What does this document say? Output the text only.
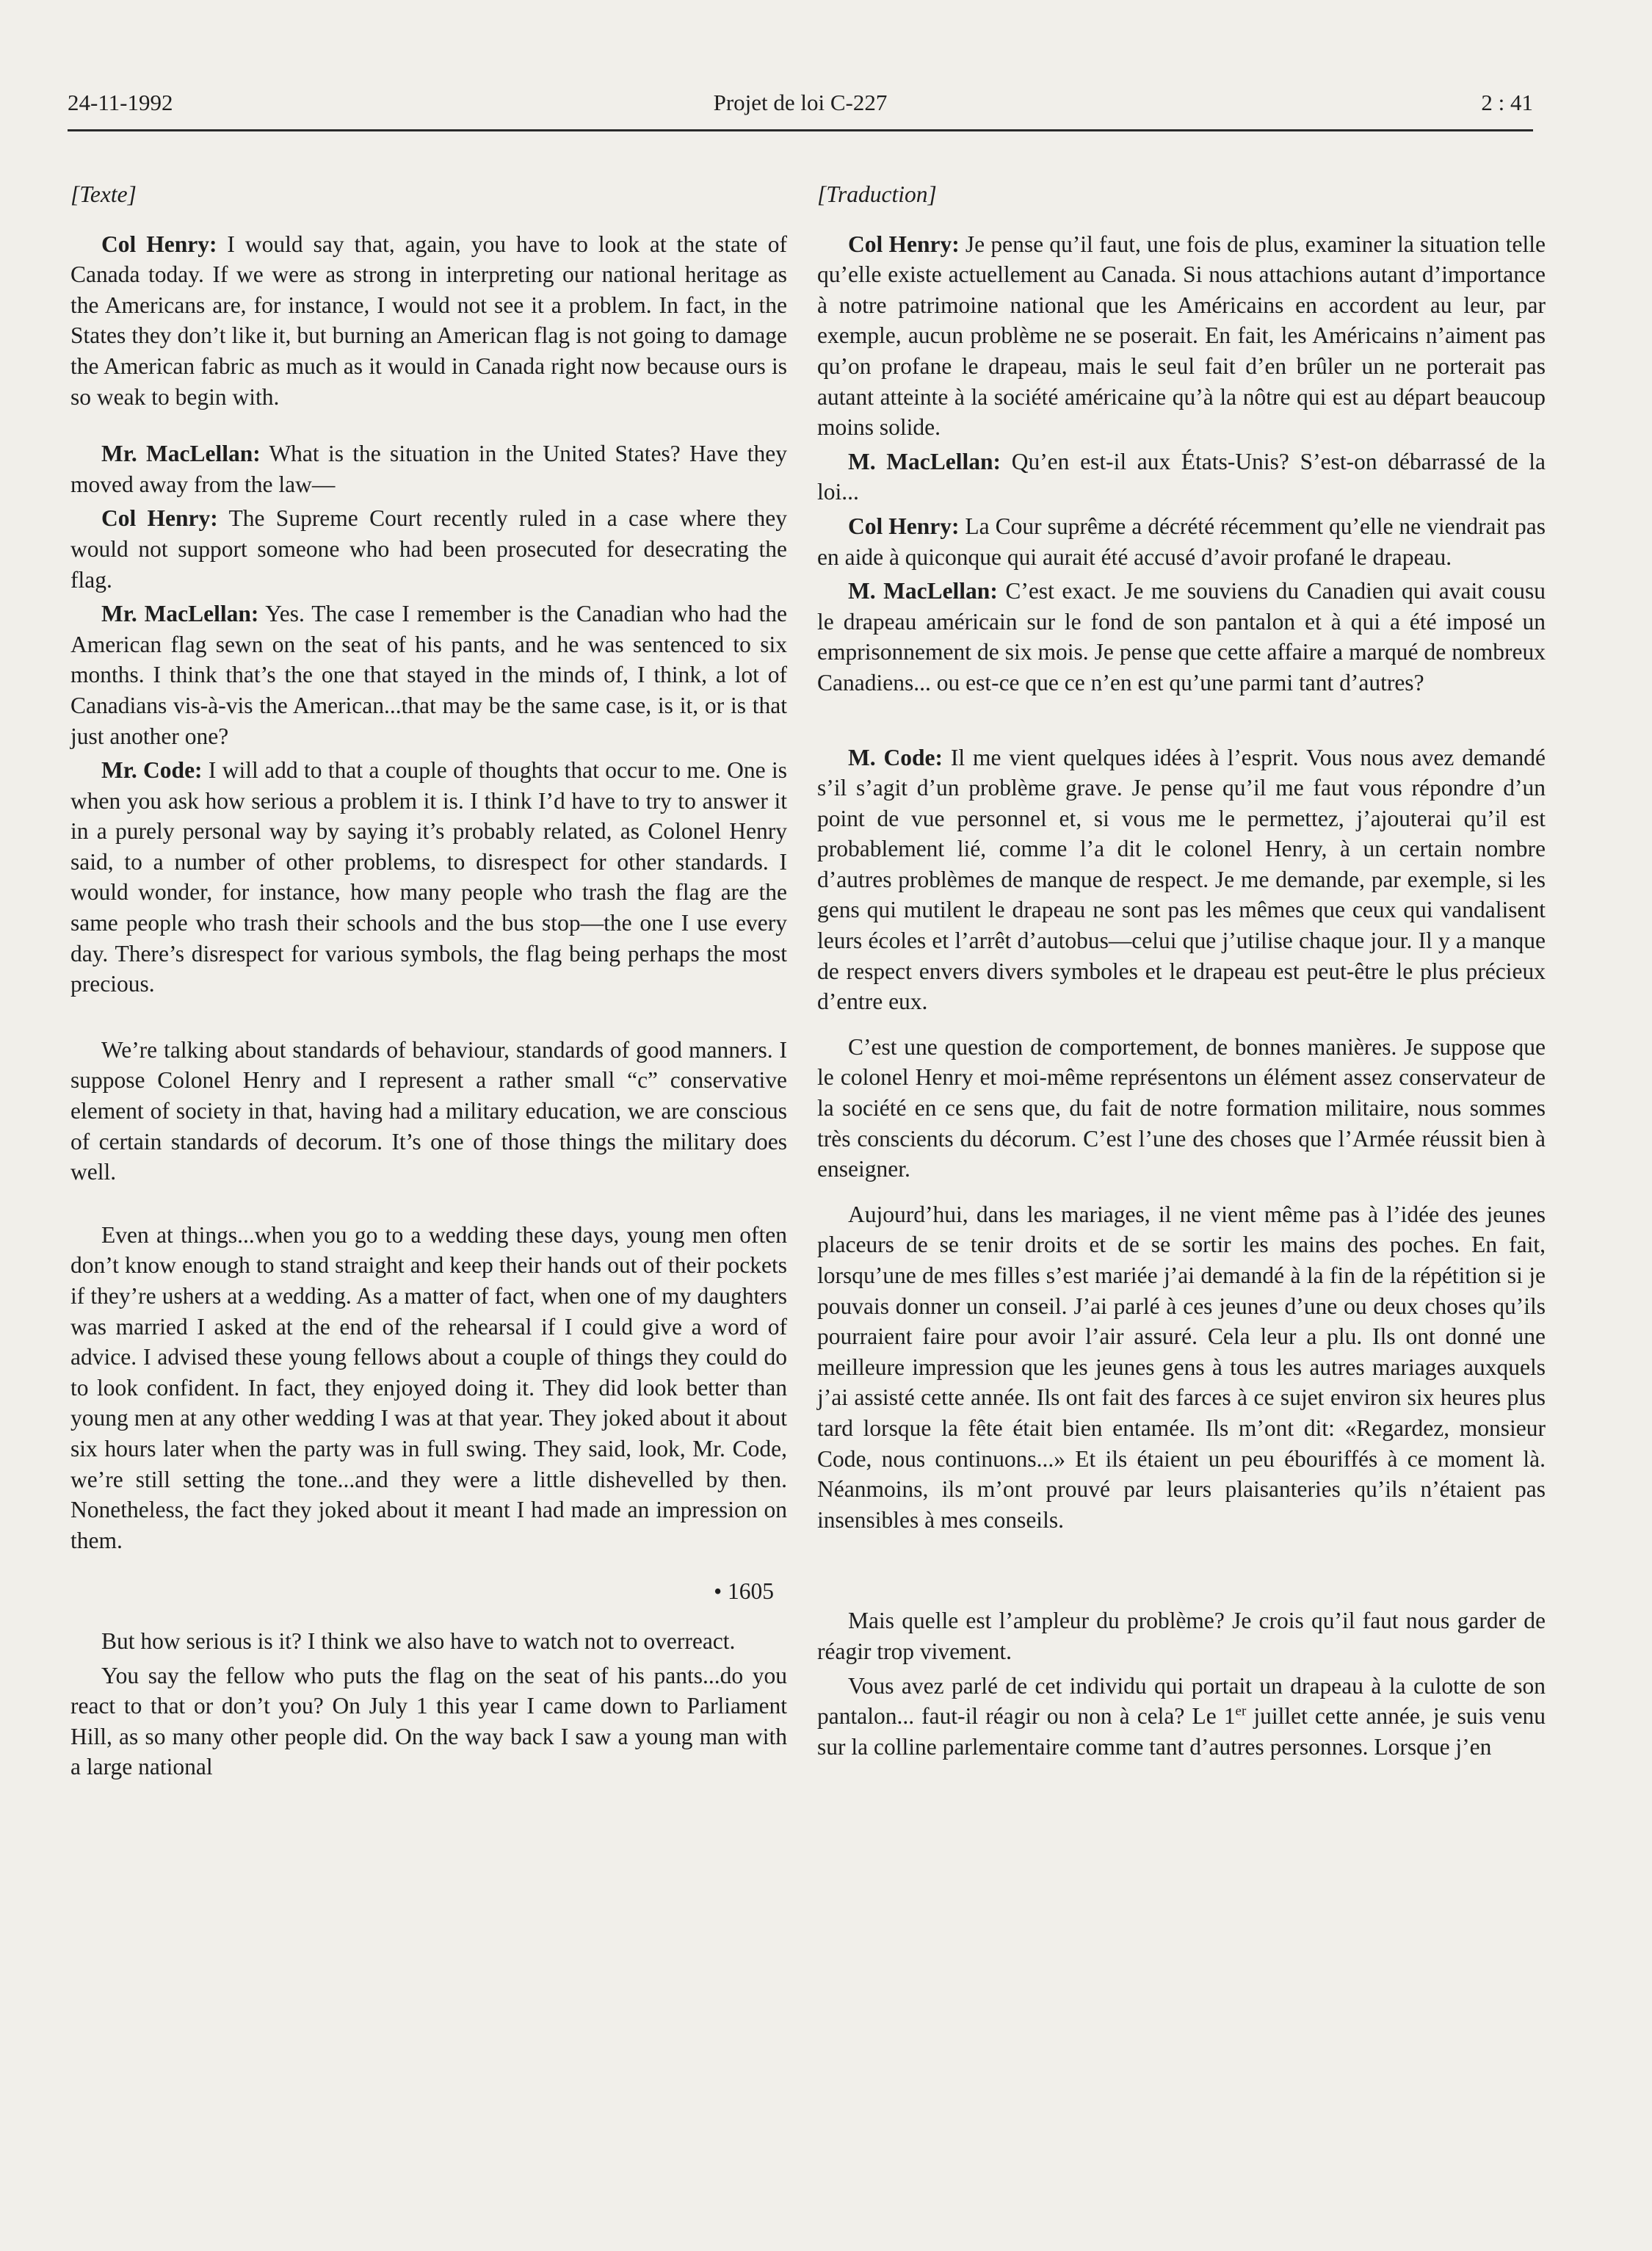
24-11-1992	Projet de loi C-227	2 : 41

[Texte]

Col Henry: I would say that, again, you have to look at the state of Canada today. If we were as strong in interpreting our national heritage as the Americans are, for instance, I would not see it a problem. In fact, in the States they don’t like it, but burning an American flag is not going to damage the American fabric as much as it would in Canada right now because ours is so weak to begin with.

Mr. MacLellan: What is the situation in the United States? Have they moved away from the law—

Col Henry: The Supreme Court recently ruled in a case where they would not support someone who had been prosecuted for desecrating the flag.

Mr. MacLellan: Yes. The case I remember is the Canadian who had the American flag sewn on the seat of his pants, and he was sentenced to six months. I think that’s the one that stayed in the minds of, I think, a lot of Canadians vis-à-vis the American...that may be the same case, is it, or is that just another one?

Mr. Code: I will add to that a couple of thoughts that occur to me. One is when you ask how serious a problem it is. I think I’d have to try to answer it in a purely personal way by saying it’s probably related, as Colonel Henry said, to a number of other problems, to disrespect for other standards. I would wonder, for instance, how many people who trash the flag are the same people who trash their schools and the bus stop—the one I use every day. There’s disrespect for various symbols, the flag being perhaps the most precious.

We’re talking about standards of behaviour, standards of good manners. I suppose Colonel Henry and I represent a rather small “c” conservative element of society in that, having had a military education, we are conscious of certain standards of decorum. It’s one of those things the military does well.

Even at things...when you go to a wedding these days, young men often don’t know enough to stand straight and keep their hands out of their pockets if they’re ushers at a wedding. As a matter of fact, when one of my daughters was married I asked at the end of the rehearsal if I could give a word of advice. I advised these young fellows about a couple of things they could do to look confident. In fact, they enjoyed doing it. They did look better than young men at any other wedding I was at that year. They joked about it about six hours later when the party was in full swing. They said, look, Mr. Code, we’re still setting the tone...and they were a little dishevelled by then. Nonetheless, the fact they joked about it meant I had made an impression on them.

• 1605

But how serious is it? I think we also have to watch not to overreact.

You say the fellow who puts the flag on the seat of his pants...do you react to that or don’t you? On July 1 this year I came down to Parliament Hill, as so many other people did. On the way back I saw a young man with a large national

[Traduction]

Col Henry: Je pense qu’il faut, une fois de plus, examiner la situation telle qu’elle existe actuellement au Canada. Si nous attachions autant d’importance à notre patrimoine national que les Américains en accordent au leur, par exemple, aucun problème ne se poserait. En fait, les Américains n’aiment pas qu’on profane le drapeau, mais le seul fait d’en brûler un ne porterait pas autant atteinte à la société américaine qu’à la nôtre qui est au départ beaucoup moins solide.

M. MacLellan: Qu’en est-il aux États-Unis? S’est-on débarrassé de la loi...

Col Henry: La Cour suprême a décrété récemment qu’elle ne viendrait pas en aide à quiconque qui aurait été accusé d’avoir profané le drapeau.

M. MacLellan: C’est exact. Je me souviens du Canadien qui avait cousu le drapeau américain sur le fond de son pantalon et à qui a été imposé un emprisonnement de six mois. Je pense que cette affaire a marqué de nombreux Canadiens... ou est-ce que ce n’en est qu’une parmi tant d’autres?

M. Code: Il me vient quelques idées à l’esprit. Vous nous avez demandé s’il s’agit d’un problème grave. Je pense qu’il me faut vous répondre d’un point de vue personnel et, si vous me le permettez, j’ajouterai qu’il est probablement lié, comme l’a dit le colonel Henry, à un certain nombre d’autres problèmes de manque de respect. Je me demande, par exemple, si les gens qui mutilent le drapeau ne sont pas les mêmes que ceux qui vandalisent leurs écoles et l’arrêt d’autobus—celui que j’utilise chaque jour. Il y a manque de respect envers divers symboles et le drapeau est peut-être le plus précieux d’entre eux.

C’est une question de comportement, de bonnes manières. Je suppose que le colonel Henry et moi-même représentons un élément assez conservateur de la société en ce sens que, du fait de notre formation militaire, nous sommes très conscients du décorum. C’est l’une des choses que l’Armée réussit bien à enseigner.

Aujourd’hui, dans les mariages, il ne vient même pas à l’idée des jeunes placeurs de se tenir droits et de se sortir les mains des poches. En fait, lorsqu’une de mes filles s’est mariée j’ai demandé à la fin de la répétition si je pouvais donner un conseil. J’ai parlé à ces jeunes d’une ou deux choses qu’ils pourraient faire pour avoir l’air assuré. Cela leur a plu. Ils ont donné une meilleure impression que les jeunes gens à tous les autres mariages auxquels j’ai assisté cette année. Ils ont fait des farces à ce sujet environ six heures plus tard lorsque la fête était bien entamée. Ils m’ont dit: «Regardez, monsieur Code, nous continuons...» Et ils étaient un peu ébouriffés à ce moment là. Néanmoins, ils m’ont prouvé par leurs plaisanteries qu’ils n’étaient pas insensibles à mes conseils.

Mais quelle est l’ampleur du problème? Je crois qu’il faut nous garder de réagir trop vivement.

Vous avez parlé de cet individu qui portait un drapeau à la culotte de son pantalon... faut-il réagir ou non à cela? Le 1er juillet cette année, je suis venu sur la colline parlementaire comme tant d’autres personnes. Lorsque j’en
